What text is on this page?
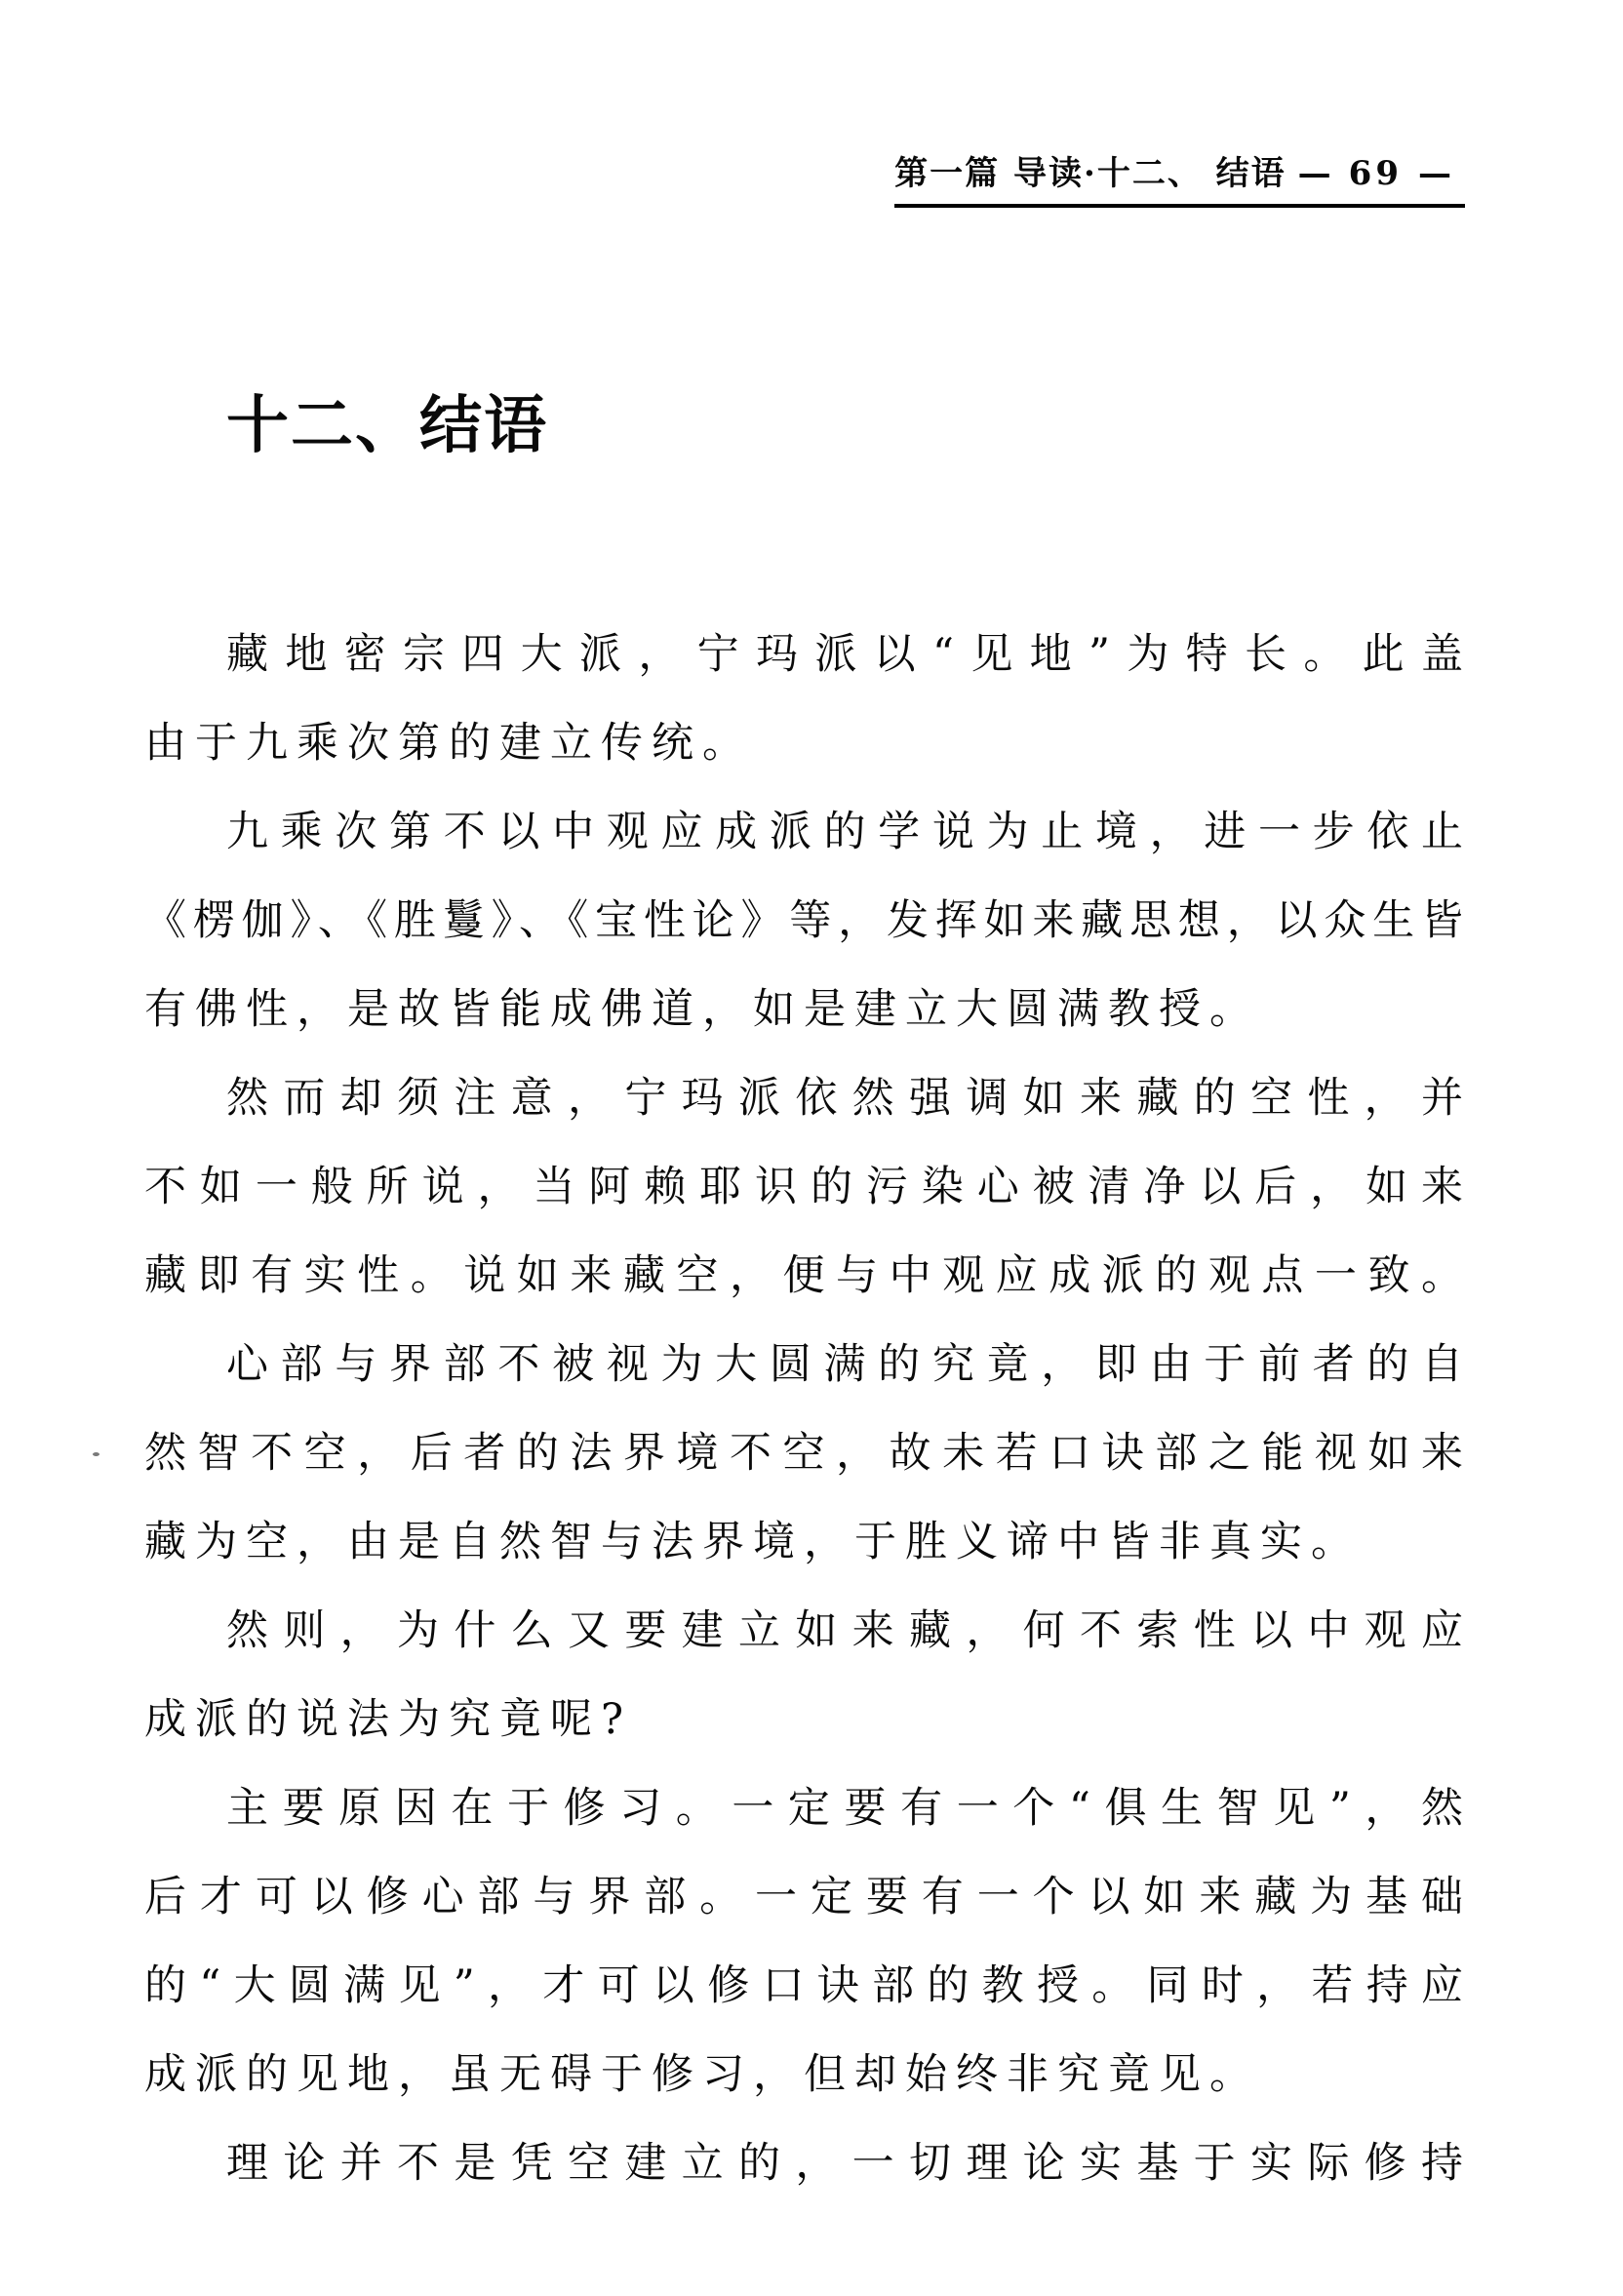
第一篇 导读·十二、 结语 — 69 —
十二、结语
藏地密宗四大派，宁玛派以“见地”为特长。此盖
由于九乘次第的建立传统。
九乘次第不以中观应成派的学说为止境，进一步依止
《楞伽》、《胜鬘》、《宝性论》等，发挥如来藏思想，以众生皆
有佛性，是故皆能成佛道，如是建立大圆满教授。
然而却须注意，宁玛派依然强调如来藏的空性，并
不如一般所说，当阿赖耶识的污染心被清净以后，如来
藏即有实性。说如来藏空，便与中观应成派的观点一致。
心部与界部不被视为大圆满的究竟，即由于前者的自
然智不空，后者的法界境不空，故未若口诀部之能视如来
藏为空，由是自然智与法界境，于胜义谛中皆非真实。
然则，为什么又要建立如来藏，何不索性以中观应
成派的说法为究竟呢?
主要原因在于修习。一定要有一个“俱生智见”，然
后才可以修心部与界部。一定要有一个以如来藏为基础
的“大圆满见”，才可以修口诀部的教授。同时，若持应
成派的见地，虽无碍于修习，但却始终非究竟见。
理论并不是凭空建立的，一切理论实基于实际修持
